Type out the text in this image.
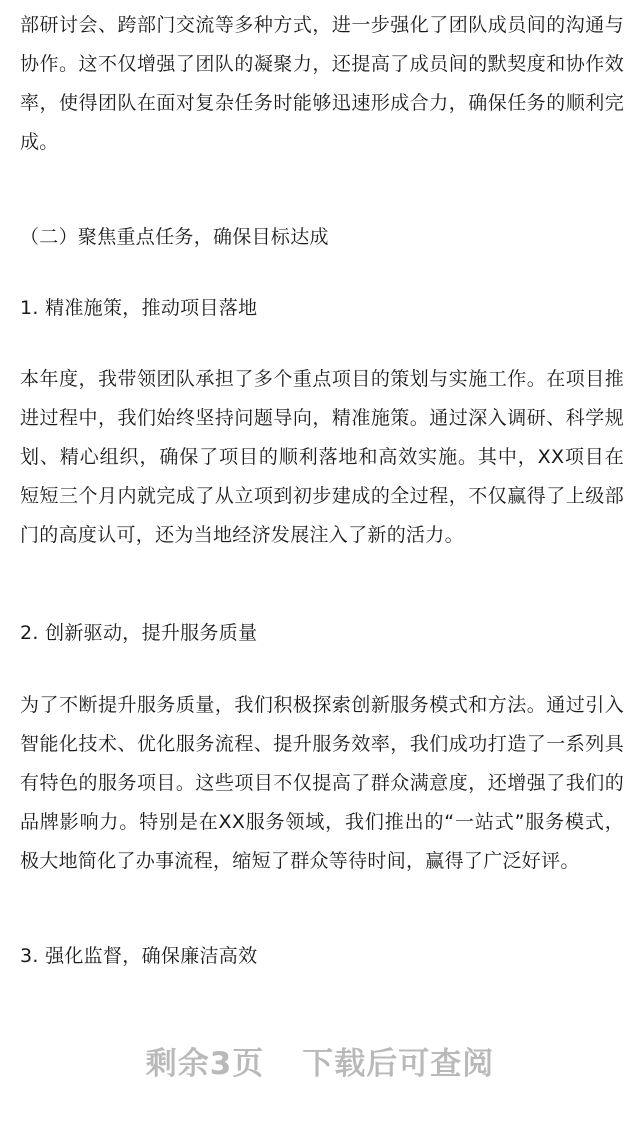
部研讨会、跨部门交流等多种方式，进一步强化了团队成员间的沟通与协作。这不仅增强了团队的凝聚力，还提高了成员间的默契度和协作效率，使得团队在面对复杂任务时能够迅速形成合力，确保任务的顺利完成。

（二）聚焦重点任务，确保目标达成

1. 精准施策，推动项目落地

本年度，我带领团队承担了多个重点项目的策划与实施工作。在项目推进过程中，我们始终坚持问题导向，精准施策。通过深入调研、科学规划、精心组织，确保了项目的顺利落地和高效实施。其中，XX项目在短短三个月内就完成了从立项到初步建成的全过程，不仅赢得了上级部门的高度认可，还为当地经济发展注入了新的活力。

2. 创新驱动，提升服务质量

为了不断提升服务质量，我们积极探索创新服务模式和方法。通过引入智能化技术、优化服务流程、提升服务效率，我们成功打造了一系列具有特色的服务项目。这些项目不仅提高了群众满意度，还增强了我们的品牌影响力。特别是在XX服务领域，我们推出的“一站式”服务模式，极大地简化了办事流程，缩短了群众等待时间，赢得了广泛好评。

3. 强化监督，确保廉洁高效

剩余3页 下载后可查阅
